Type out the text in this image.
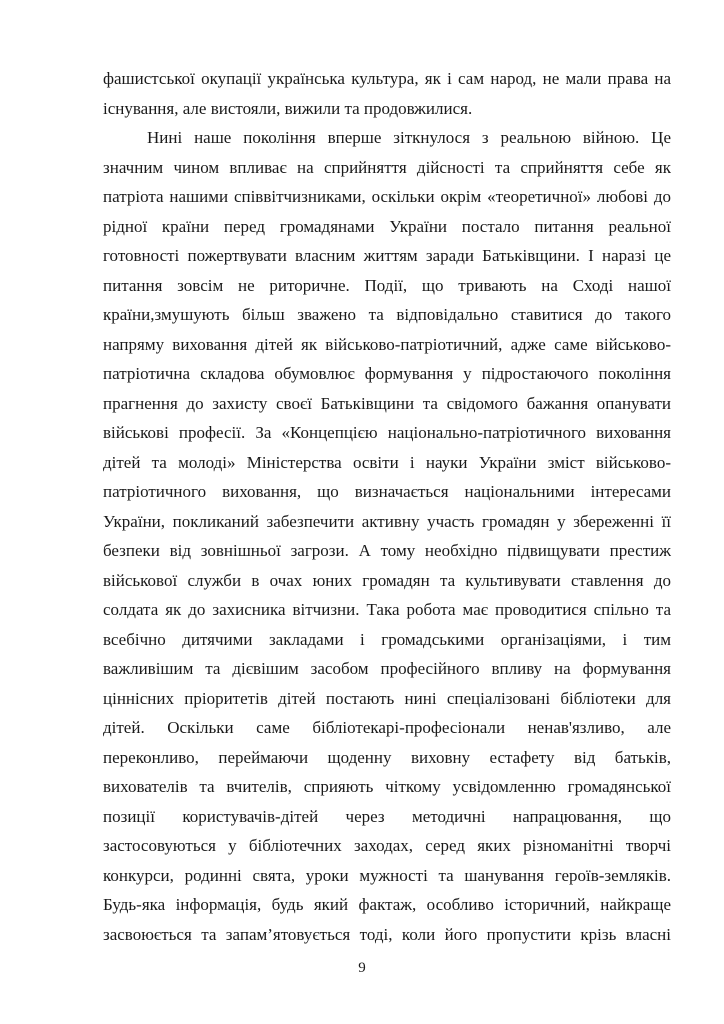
фашистської окупації українська культура, як і сам народ, не мали права на
існування, але вистояли, вижили та продовжилися.
Нині наше покоління вперше зіткнулося з реальною війною. Це
значним чином впливає на сприйняття дійсності та сприйняття себе як
патріота нашими співвітчизниками, оскільки окрім «теоретичної» любові до
рідної країни перед громадянами України постало питання реальної
готовності пожертвувати власним життям заради Батьківщини. І наразі це
питання зовсім не риторичне. Події, що тривають на Сході нашої
країни,змушують більш зважено та відповідально ставитися до такого
напряму виховання дітей як військово-патріотичний, адже саме військово-
патріотична складова обумовлює формування у підростаючого покоління
прагнення до захисту своєї Батьківщини та свідомого бажання опанувати
військові професії. За «Концепцією національно-патріотичного виховання
дітей та молоді» Міністерства освіти і науки України зміст військово-
патріотичного виховання, що визначається національними інтересами
України, покликаний забезпечити активну участь громадян у збереженні її
безпеки від зовнішньої загрози. А тому необхідно підвищувати престиж
військової служби в очах юних громадян та культивувати ставлення до
солдата як до захисника вітчизни. Така робота має проводитися спільно та
всебічно дитячими закладами і громадськими організаціями, і тим
важливішим та дієвішим засобом професійного впливу на формування
ціннісних пріоритетів дітей постають нині спеціалізовані бібліотеки для
дітей. Оскільки саме бібліотекарі-професіонали ненав'язливо, але
переконливо, переймаючи щоденну виховну естафету від батьків,
вихователів та вчителів, сприяють чіткому усвідомленню громадянської
позиції користувачів-дітей через методичні напрацювання, що
застосовуються у бібліотечних заходах, серед яких різноманітні творчі
конкурси, родинні свята, уроки мужності та шанування героїв-земляків.
Будь-яка інформація, будь який фактаж, особливо історичний, найкраще
засвоюється та запам’ятовується тоді, коли його пропустити крізь власні
9
